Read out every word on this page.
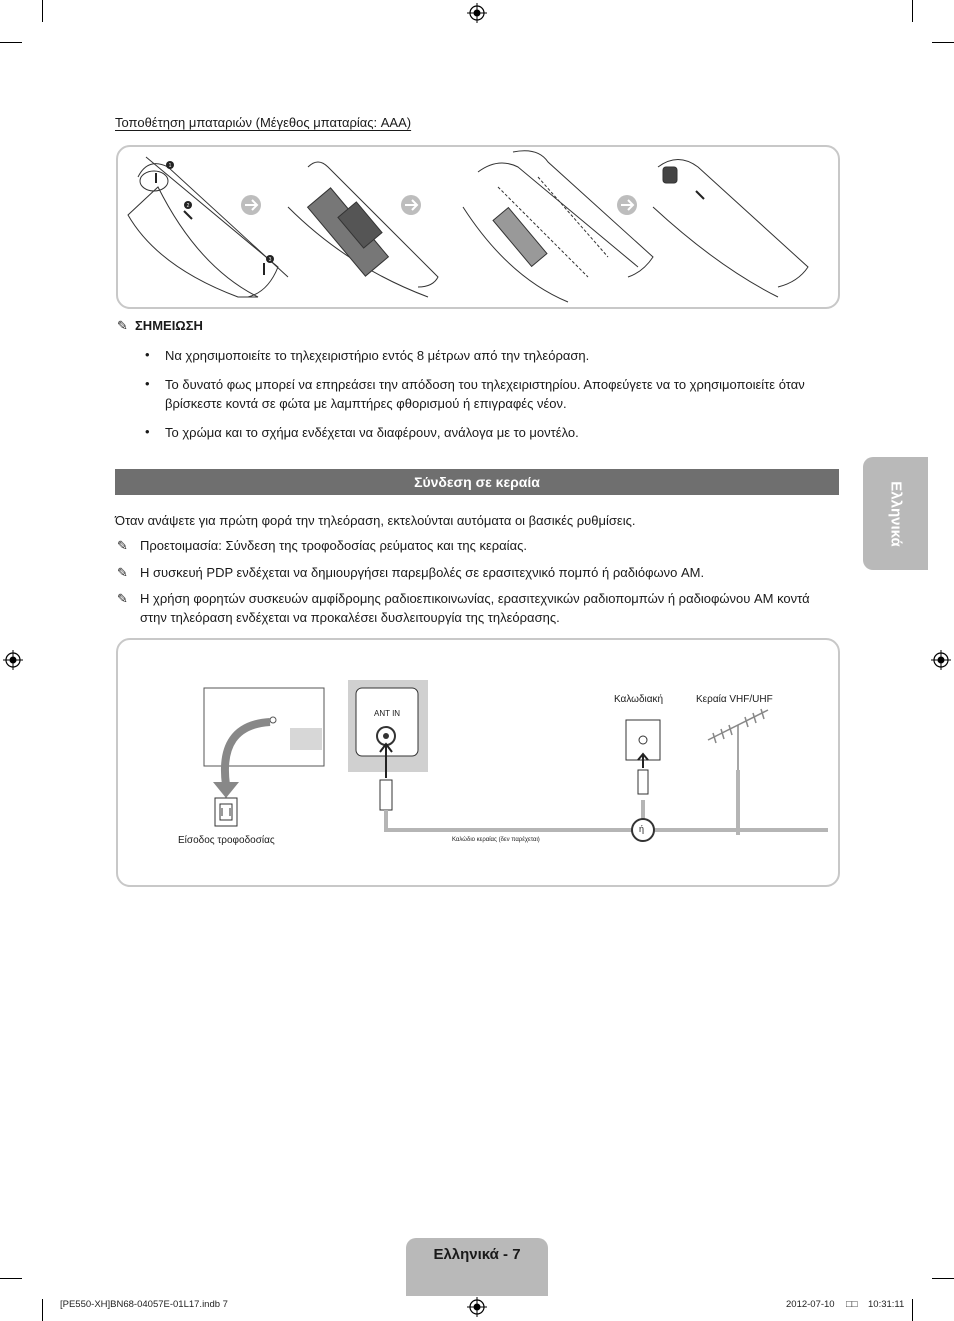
Τοποθέτηση μπαταριών (Μέγεθος μπαταρίας: AAA)
1
2
3
✎ ΣΗΜΕΙΩΣΗ
• Να χρησιμοποιείτε το τηλεχειριστήριο εντός 8 μέτρων από την τηλεόραση.
• Το δυνατό φως μπορεί να επηρεάσει την απόδοση του τηλεχειριστηρίου. Αποφεύγετε να το χρησιμοποιείτε όταν βρίσκεστε κοντά σε φώτα με λαμπτήρες φθορισμού ή επιγραφές νέον.
• Το χρώμα και το σχήμα ενδέχεται να διαφέρουν, ανάλογα με το μοντέλο.
Σύνδεση σε κεραία
Όταν ανάψετε για πρώτη φορά την τηλεόραση, εκτελούνται αυτόματα οι βασικές ρυθμίσεις.
✎ Προετοιμασία: Σύνδεση της τροφοδοσίας ρεύματος και της κεραίας.
✎ Η συσκευή PDP ενδέχεται να δημιουργήσει παρεμβολές σε ερασιτεχνικό πομπό ή ραδιόφωνο AM.
✎ Η χρήση φορητών συσκευών αμφίδρομης ραδιοεπικοινωνίας, ερασιτεχνικών ραδιοπομπών ή ραδιοφώνου AM κοντά στην τηλεόραση ενδέχεται να προκαλέσει δυσλειτουργία της τηλεόρασης.
ANT IN
Είσοδος τροφοδοσίας
Καλωδιακή	Κεραία VHF/UHF
Καλώδιο κεραίας (δεν παρέχεται)
ή
Ελληνικά
Ελληνικά - 7
[PE550-XH]BN68-04057E-01L17.indb 7	2012-07-10 □□ 10:31:11
